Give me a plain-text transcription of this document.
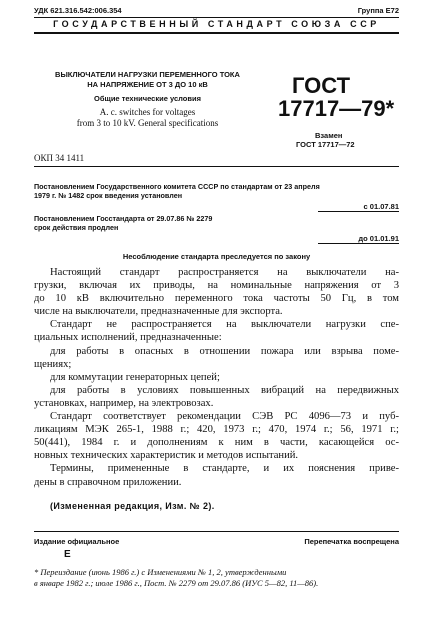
УДК 621.316.542:006.354	Группа Е72
ГОСУДАРСТВЕННЫЙ СТАНДАРТ СОЮЗА ССР
ВЫКЛЮЧАТЕЛИ НАГРУЗКИ ПЕРЕМЕННОГО ТОКА
НА НАПРЯЖЕНИЕ ОТ 3 ДО 10 кВ
Общие технические условия
A. c. switches for voltages
from 3 to 10 kV. General specifications
ГОСТ
17717—79*
Взамен
ГОСТ 17717—72
ОКП 34 1411
Постановлением Государственного комитета СССР по стандартам от 23 апреля
1979 г. № 1482 срок введения установлен
с 01.07.81
Постановлением Госстандарта от 29.07.86 № 2279
срок действия продлен
до 01.01.91
Несоблюдение стандарта преследуется по закону
Настоящий стандарт распространяется на выключатели на-
грузки, включая их приводы, на номинальные напряжения от 3
до 10 кВ включительно переменного тока частоты 50 Гц, в том
числе на выключатели, предназначенные для экспорта.
Стандарт не распространяется на выключатели нагрузки спе-
циальных исполнений, предназначенные:
для работы в опасных в отношении пожара или взрыва поме-
щениях;
для коммутации генераторных цепей;
для работы в условиях повышенных вибраций на передвижных
установках, например, на электровозах.
Стандарт соответствует рекомендации СЭВ PC 4096—73 и пуб-
ликациям МЭК 265-1, 1988 г.; 420, 1973 г.; 470, 1974 г.; 56, 1971 г.;
50(441), 1984 г. и дополнениям к ним в части, касающейся ос-
новных технических характеристик и методов испытаний.
Термины, примененные в стандарте, и их пояснения приве-
дены в справочном приложении.
(Измененная редакция, Изм. № 2).
Издание официальное	Перепечатка воспрещена
Е
* Переиздание (июнь 1986 г.) с Изменениями № 1, 2, утвержденными
в январе 1982 г.; июле 1986 г., Пост. № 2279 от 29.07.86 (ИУС 5—82, 11—86).
